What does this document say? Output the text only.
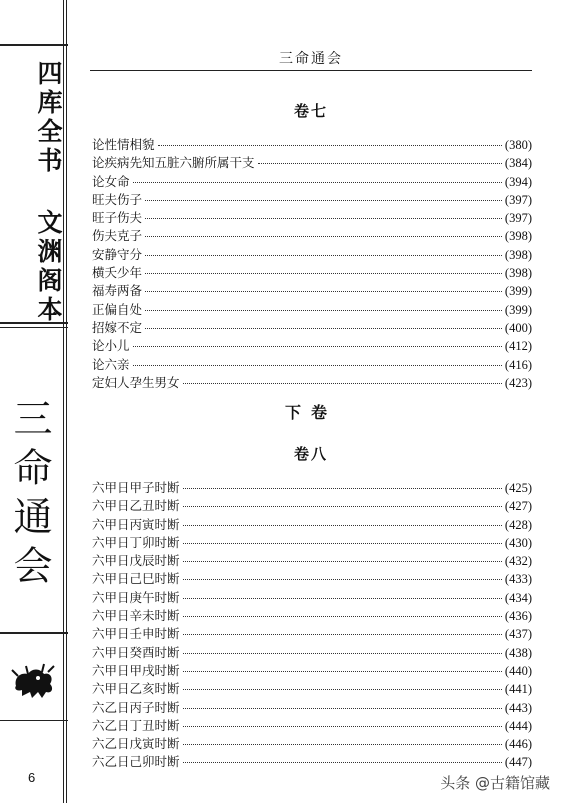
四库全书 文渊阁本
三命通会
6
三命通会
卷七
论性情相貌	(380)
论疾病先知五脏六腑所属干支	(384)
论女命	(394)
旺夫伤子	(397)
旺子伤夫	(397)
伤夫克子	(398)
安静守分	(398)
横夭少年	(398)
福寿两备	(399)
正偏自处	(399)
招嫁不定	(400)
论小儿	(412)
论六亲	(416)
定妇人孕生男女	(423)
下卷
卷八
六甲日甲子时断	(425)
六甲日乙丑时断	(427)
六甲日丙寅时断	(428)
六甲日丁卯时断	(430)
六甲日戊辰时断	(432)
六甲日己巳时断	(433)
六甲日庚午时断	(434)
六甲日辛未时断	(436)
六甲日壬申时断	(437)
六甲日癸酉时断	(438)
六甲日甲戌时断	(440)
六甲日乙亥时断	(441)
六乙日丙子时断	(443)
六乙日丁丑时断	(444)
六乙日戊寅时断	(446)
六乙日己卯时断	(447)
头条 @古籍馆藏
